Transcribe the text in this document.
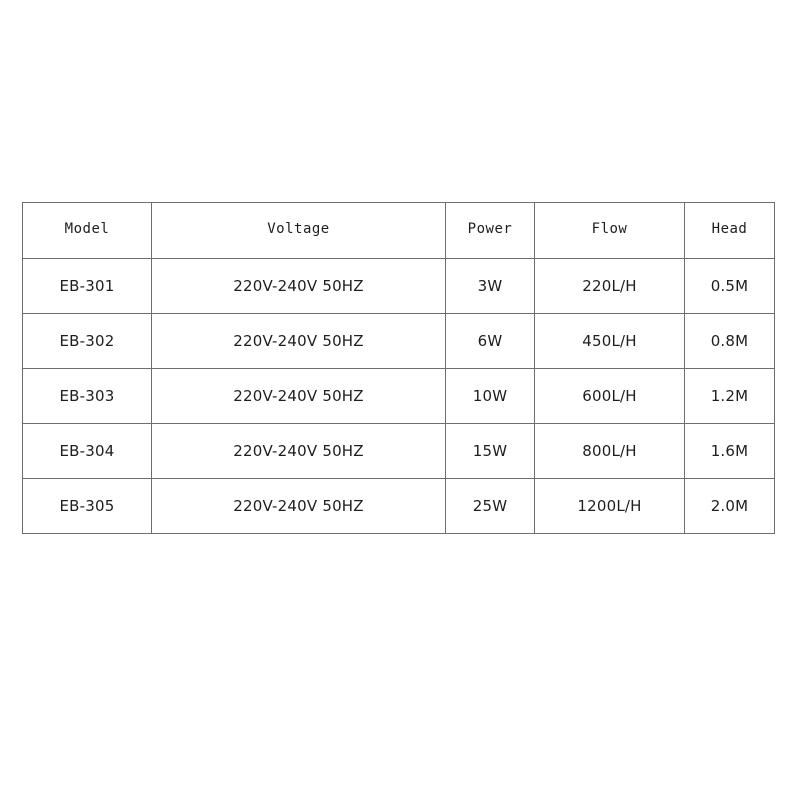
Model	Voltage	Power	Flow	Head
EB-301	220V-240V 50HZ	3W	220L/H	0.5M
EB-302	220V-240V 50HZ	6W	450L/H	0.8M
EB-303	220V-240V 50HZ	10W	600L/H	1.2M
EB-304	220V-240V 50HZ	15W	800L/H	1.6M
EB-305	220V-240V 50HZ	25W	1200L/H	2.0M
